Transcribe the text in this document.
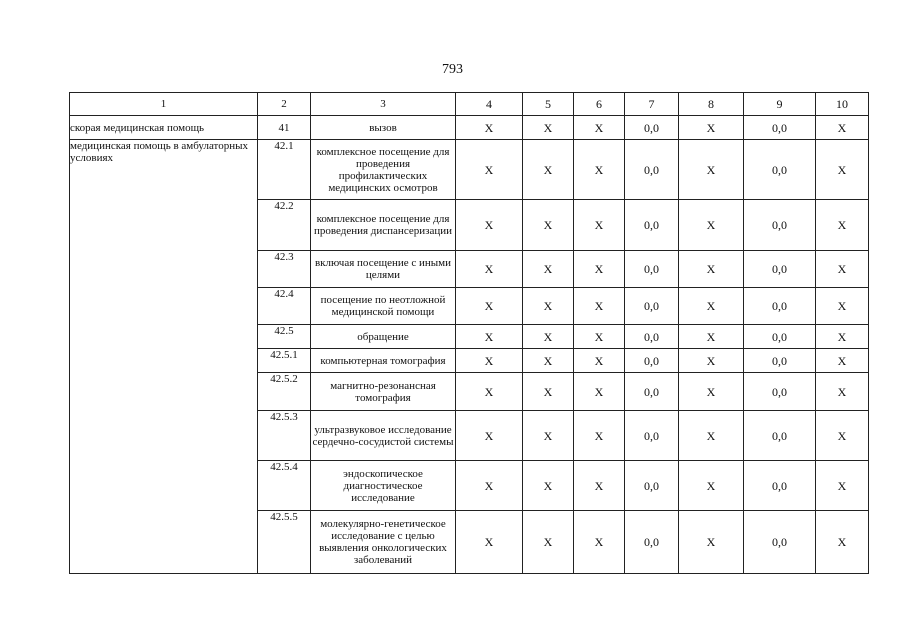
793
1	2	3	4	5	6	7	8	9	10
скорая медицинская помощь	41	вызов	Х	Х	Х	0,0	Х	0,0	Х
медицинская помощь в амбулаторных условиях	42.1	комплексное посещение для проведения профилактических медицинских осмотров	Х	Х	Х	0,0	Х	0,0	Х
	42.2	комплексное посещение для проведения диспансеризации	Х	Х	Х	0,0	Х	0,0	Х
	42.3	включая посещение с иными целями	Х	Х	Х	0,0	Х	0,0	Х
	42.4	посещение по неотложной медицинской помощи	Х	Х	Х	0,0	Х	0,0	Х
	42.5	обращение	Х	Х	Х	0,0	Х	0,0	Х
	42.5.1	компьютерная томография	Х	Х	Х	0,0	Х	0,0	Х
	42.5.2	магнитно-резонансная томография	Х	Х	Х	0,0	Х	0,0	Х
	42.5.3	ультразвуковое исследование сердечно-сосудистой системы	Х	Х	Х	0,0	Х	0,0	Х
	42.5.4	эндоскопическое диагностическое исследование	Х	Х	Х	0,0	Х	0,0	Х
	42.5.5	молекулярно-генетическое исследование с целью выявления онкологических заболеваний	Х	Х	Х	0,0	Х	0,0	Х
